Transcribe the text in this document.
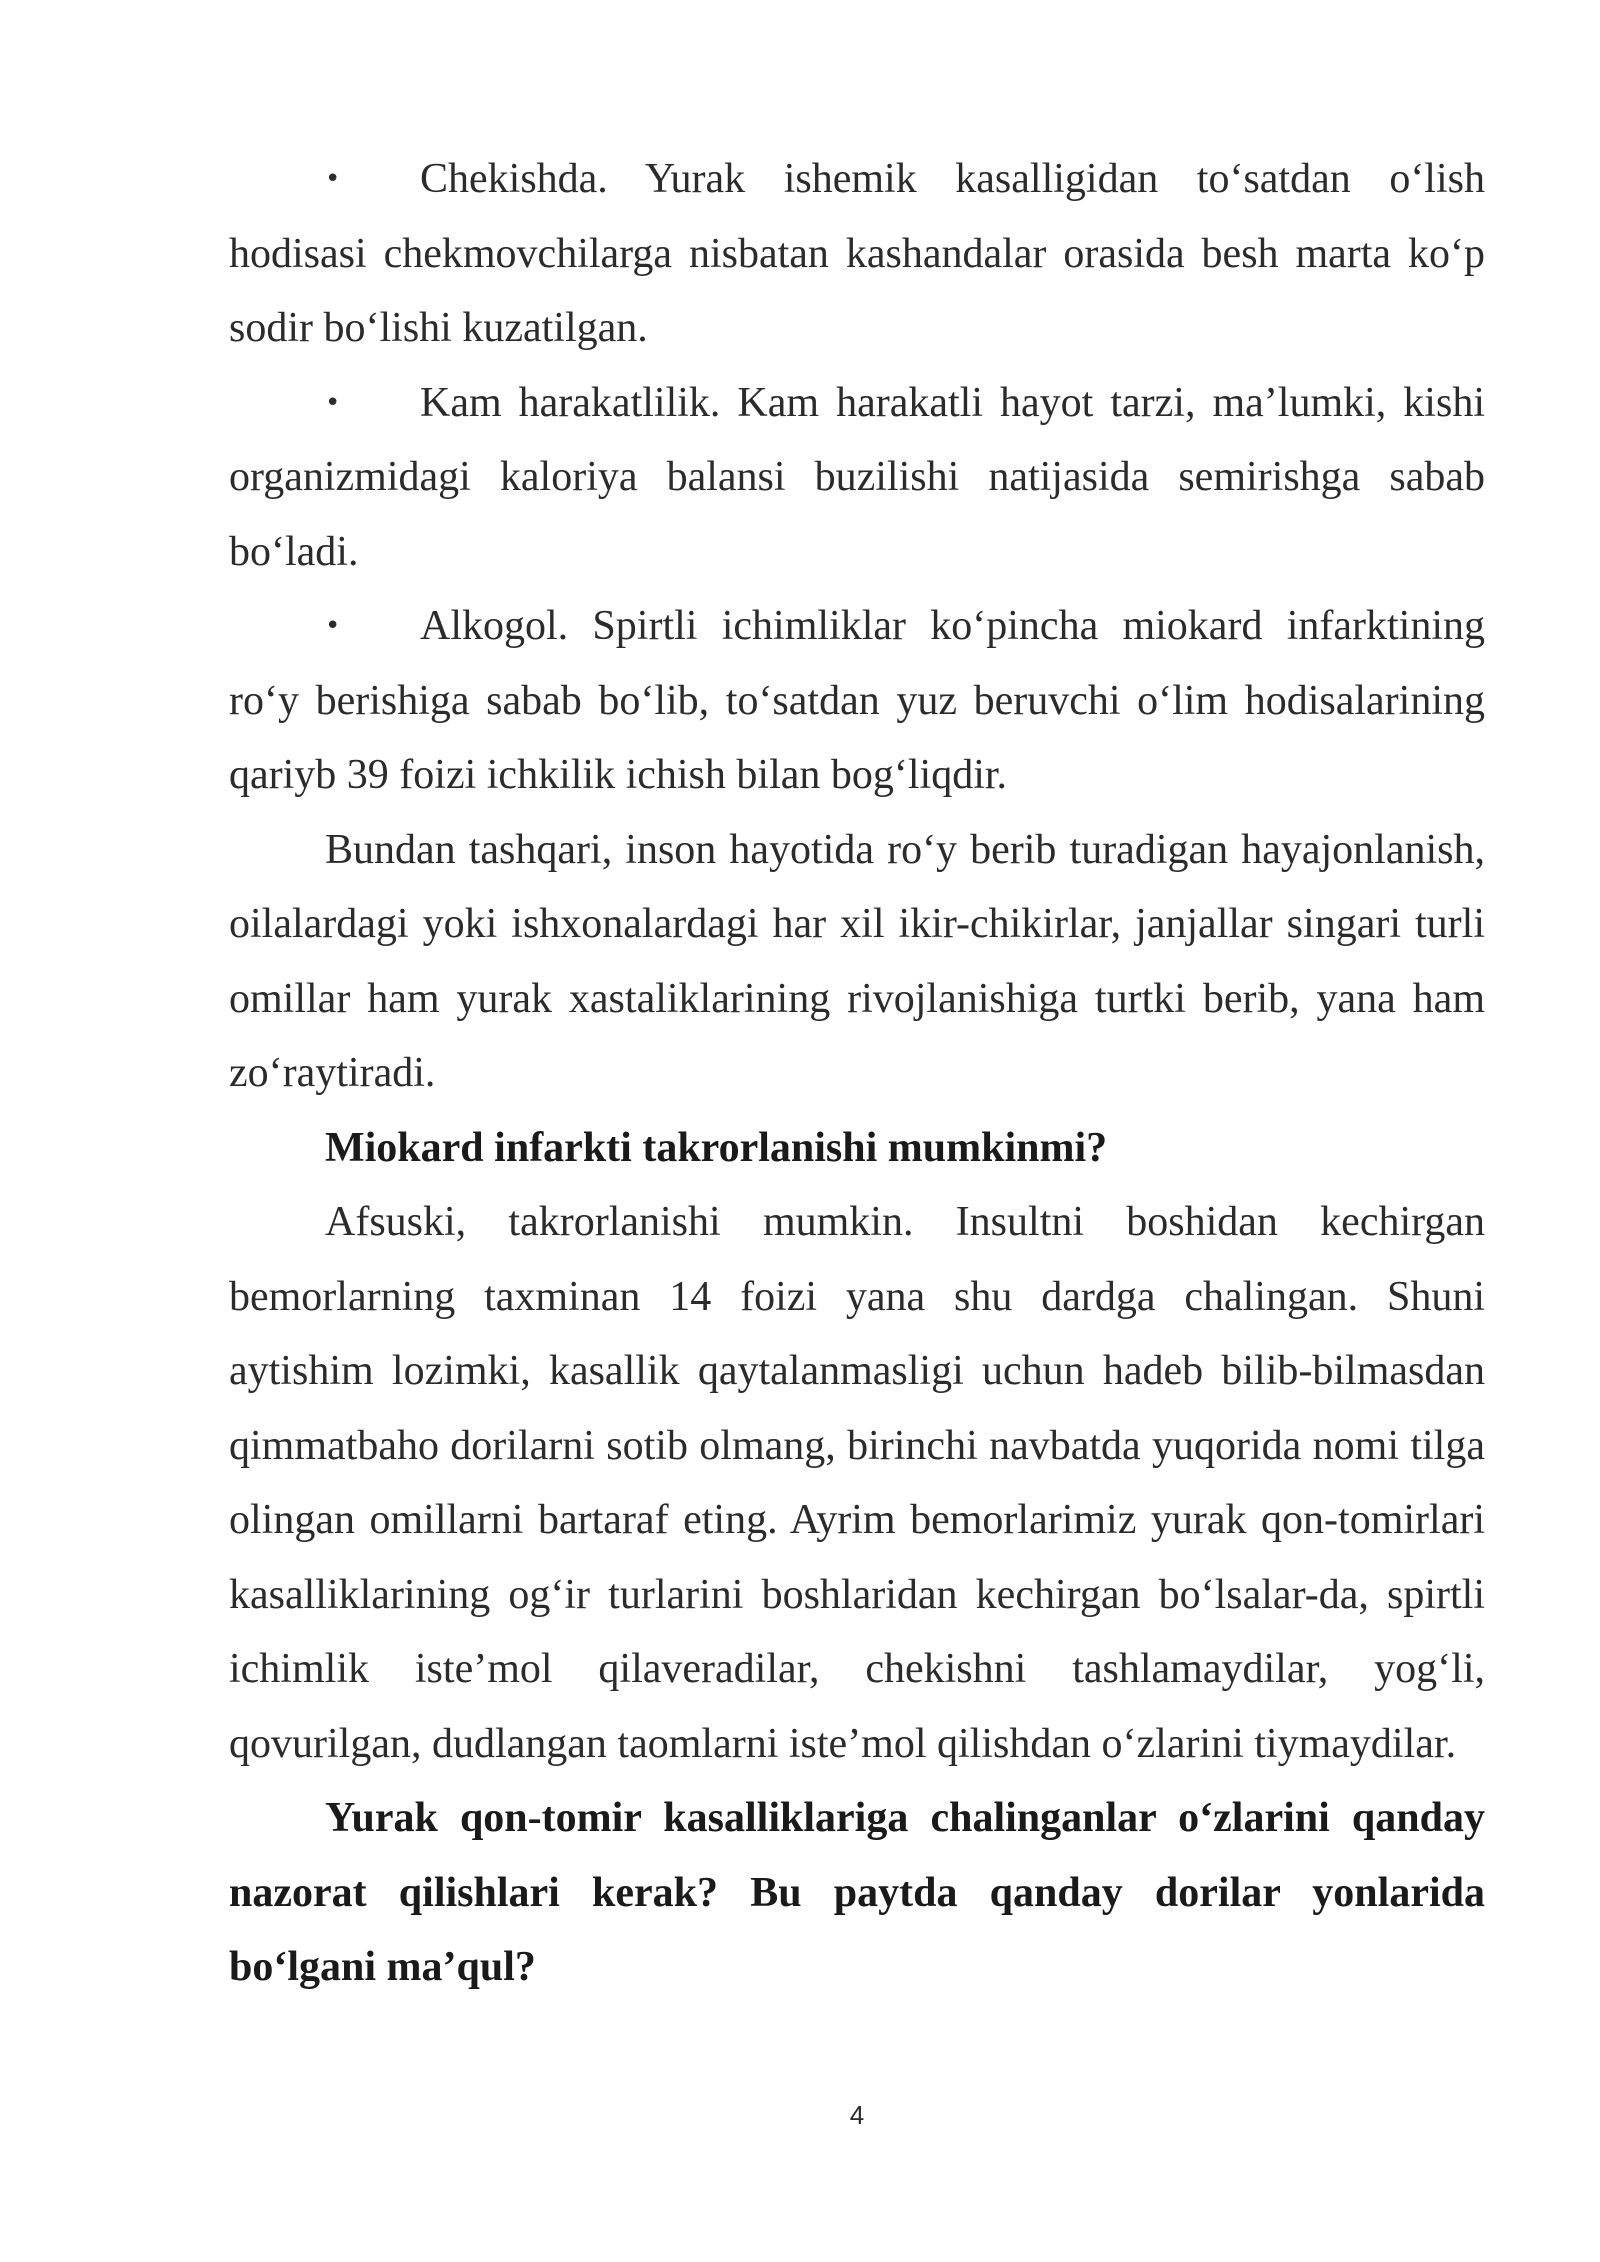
• Chekishda. Yurak ishemik kasalligidan to‘satdan o‘lish hodisasi chekmovchilarga nisbatan kashandalar orasida besh marta ko‘p sodir bo‘lishi kuzatilgan.

• Kam harakatlilik. Kam harakatli hayot tarzi, ma’lumki, kishi organizmidagi kaloriya balansi buzilishi natijasida semirishga sabab bo‘ladi.

• Alkogol. Spirtli ichimliklar ko‘pincha miokard infarktining ro‘y berishiga sabab bo‘lib, to‘satdan yuz beruvchi o‘lim hodisalarining qariyb 39 foizi ichkilik ichish bilan bog‘liqdir.

Bundan tashqari, inson hayotida ro‘y berib turadigan hayajonlanish, oilalardagi yoki ishxonalardagi har xil ikir-chikirlar, janjallar singari turli omillar ham yurak xastaliklarining rivojlanishiga turtki berib, yana ham zo‘raytiradi.

Miokard infarkti takrorlanishi mumkinmi?

Afsuski, takrorlanishi mumkin. Insultni boshidan kechirgan bemorlarning taxminan 14 foizi yana shu dardga chalingan. Shuni aytishim lozimki, kasallik qaytalanmasligi uchun hadeb bilib-bilmasdan qimmatbaho dorilarni sotib olmang, birinchi navbatda yuqorida nomi tilga olingan omillarni bartaraf eting. Ayrim bemorlarimiz yurak qon-tomirlari kasalliklarining og‘ir turlarini boshlaridan kechirgan bo‘lsalar-da, spirtli ichimlik iste’mol qilaveradilar, chekishni tashlamaydilar, yog‘li, qovurilgan, dudlangan taomlarni iste’mol qilishdan o‘zlarini tiymaydilar.

Yurak qon-tomir kasalliklariga chalinganlar o‘zlarini qanday nazorat qilishlari kerak? Bu paytda qanday dorilar yonlarida bo‘lgani ma’qul?

4
